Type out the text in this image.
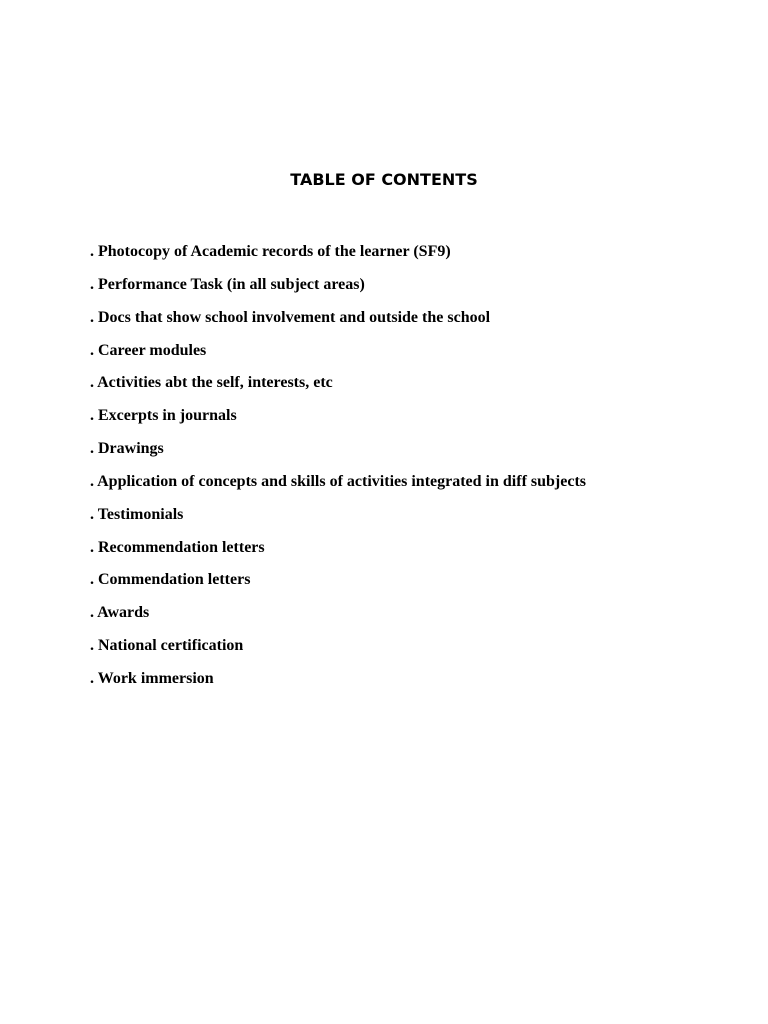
TABLE OF CONTENTS
. Photocopy of Academic records of the learner (SF9)
. Performance Task (in all subject areas)
. Docs that show school involvement and outside the school
. Career modules
. Activities abt the self, interests, etc
. Excerpts in journals
. Drawings
. Application of concepts and skills of activities integrated in diff subjects
. Testimonials
. Recommendation letters
. Commendation letters
. Awards
. National certification
. Work immersion
